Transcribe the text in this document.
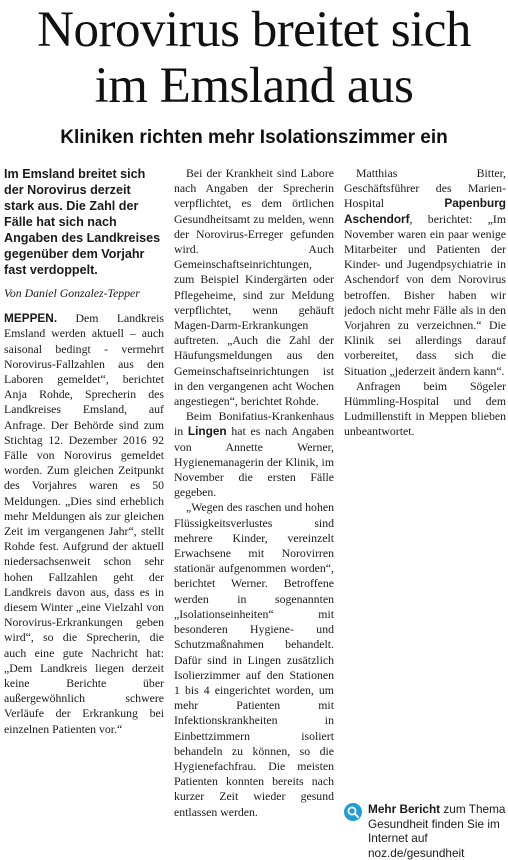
Norovirus breitet sich
im Emsland aus
Kliniken richten mehr Isolationszimmer ein
Im Emsland breitet sich der Norovirus derzeit stark aus. Die Zahl der Fälle hat sich nach Angaben des Landkreises gegenüber dem Vorjahr fast verdoppelt.
Von Daniel Gonzalez-Tepper

MEPPEN. Dem Landkreis Emsland werden aktuell – auch saisonal bedingt - vermehrt Norovirus-Fallzahlen aus den Laboren gemeldet“, berichtet Anja Rohde, Sprecherin des Landkreises Emsland, auf Anfrage. Der Behörde sind zum Stichtag 12. Dezember 2016 92 Fälle von Norovirus gemeldet worden. Zum gleichen Zeitpunkt des Vorjahres waren es 50 Meldungen. „Dies sind erheblich mehr Meldungen als zur gleichen Zeit im vergangenen Jahr“, stellt Rohde fest. Aufgrund der aktuell niedersachsenweit schon sehr hohen Fallzahlen geht der Landkreis davon aus, dass es in diesem Winter „eine Vielzahl von Norovirus-Erkrankungen geben wird“, so die Sprecherin, die auch eine gute Nachricht hat: „Dem Landkreis liegen derzeit keine Berichte über außergewöhnlich schwere Verläufe der Erkrankung bei einzelnen Patienten vor.“

Bei der Krankheit sind Labore nach Angaben der Sprecherin verpflichtet, es dem örtlichen Gesundheitsamt zu melden, wenn der Norovirus-Erreger gefunden wird. Auch Gemeinschaftseinrichtungen, zum Beispiel Kindergärten oder Pflegeheime, sind zur Meldung verpflichtet, wenn gehäuft Magen-Darm-Erkrankungen auftreten. „Auch die Zahl der Häufungsmeldungen aus den Gemeinschaftseinrichtungen ist in den vergangenen acht Wochen angestiegen“, berichtet Rohde.

Beim Bonifatius-Krankenhaus in Lingen hat es nach Angaben von Annette Werner, Hygienemanagerin der Klinik, im November die ersten Fälle gegeben.

„Wegen des raschen und hohen Flüssigkeitsverlustes sind mehrere Kinder, vereinzelt Erwachsene mit Norovirren stationär aufgenommen worden“, berichtet Werner. Betroffene werden in sogenannten „Isolationseinheiten“ mit besonderen Hygiene- und Schutzmaßnahmen behandelt. Dafür sind in Lingen zusätzlich Isolierzimmer auf den Stationen 1 bis 4 eingerichtet worden, um mehr Patienten mit Infektionskrankheiten in Einbettzimmern isoliert behandeln zu können, so die Hygienefachfrau. Die meisten Patienten konnten bereits nach kurzer Zeit wieder gesund entlassen werden.

Matthias Bitter, Geschäftsführer des Marien-Hospital Papenburg Aschendorf, berichtet: „Im November waren ein paar wenige Mitarbeiter und Patienten der Kinder- und Jugendpsychiatrie in Aschendorf von dem Norovirus betroffen. Bisher haben wir jedoch nicht mehr Fälle als in den Vorjahren zu verzeichnen.“ Die Klinik sei allerdings darauf vorbereitet, dass sich die Situation „jederzeit ändern kann“.

Anfragen beim Sögeler Hümmling-Hospital und dem Ludmillenstift in Meppen blieben unbeantwortet.

Mehr Bericht zum Thema Gesundheit finden Sie im Internet auf noz.de/gesundheit
